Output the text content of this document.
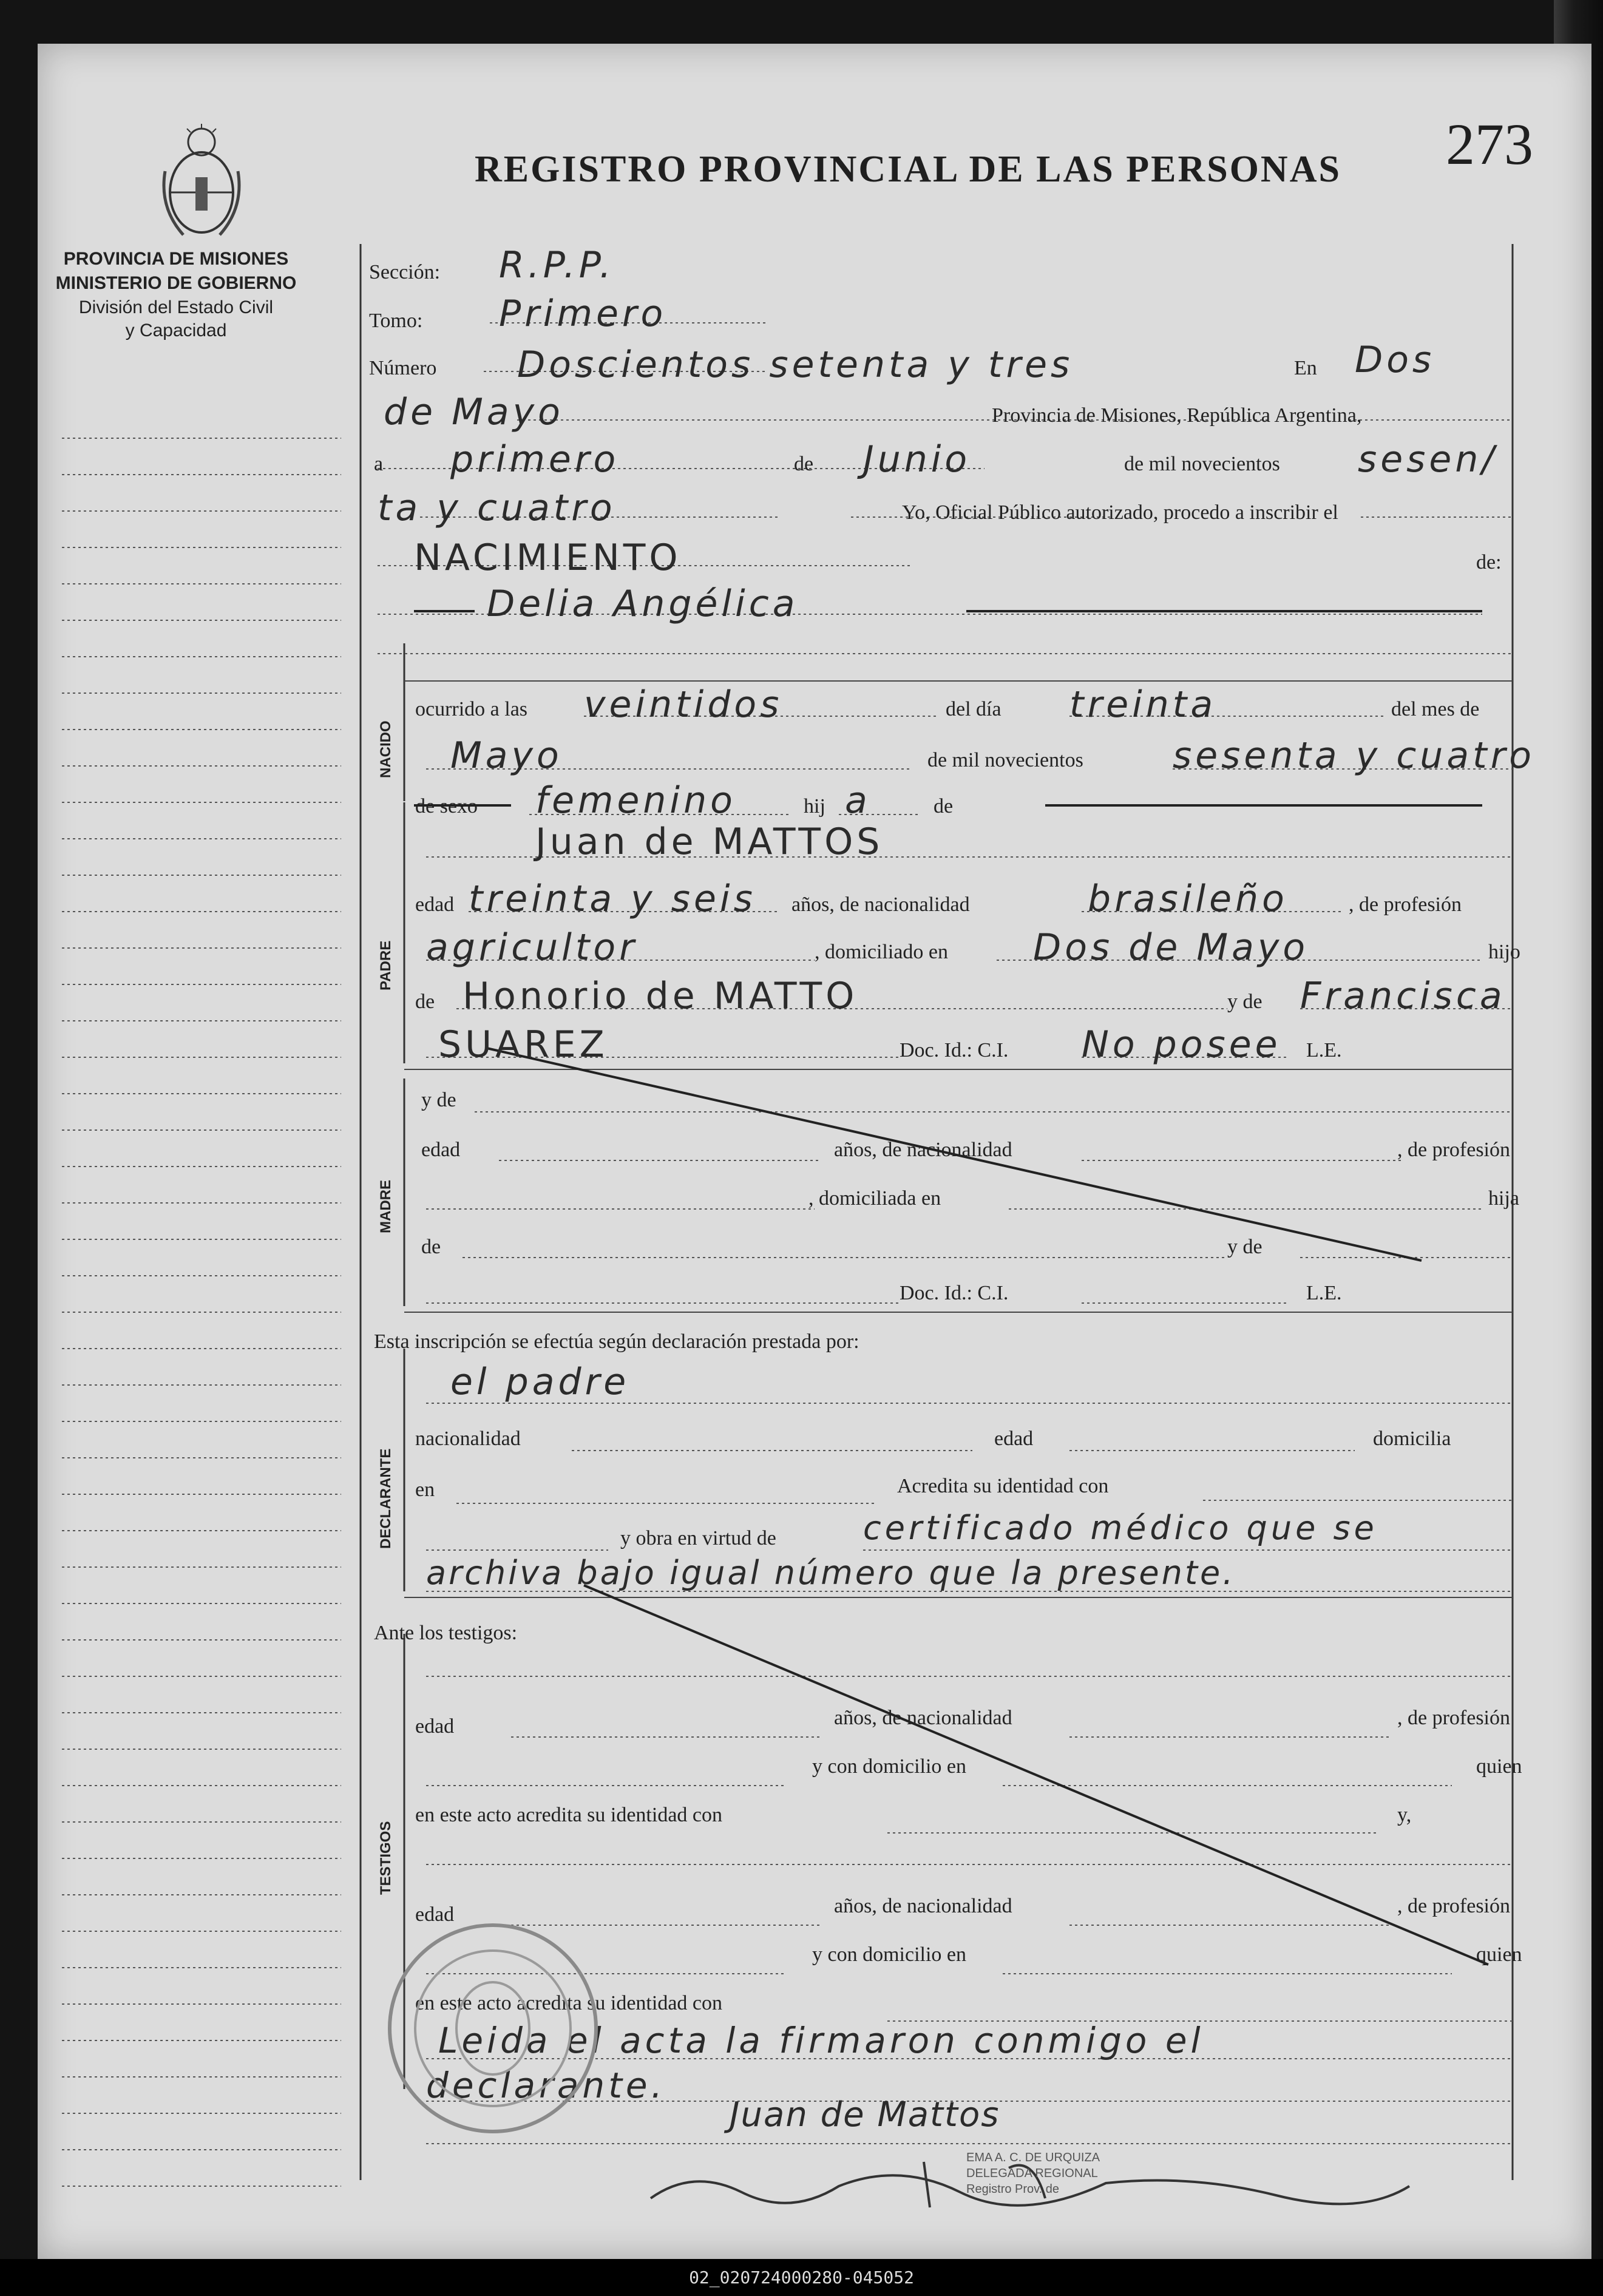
PROVINCIA DE MISIONES
MINISTERIO DE GOBIERNO
División del Estado Civil
y Capacidad
REGISTRO PROVINCIAL DE LAS PERSONAS 273
Sección: R.P.P.
Tomo: Primero
Número Doscientos setenta y tres	En Dos
de Mayo	Provincia de Misiones, República Argentina,
a primero	de Junio	de mil novecientos sesen/
ta y cuatro	Yo, Oficial Público autorizado, procedo a inscribir el
NACIMIENTO	de:
Delia Angélica
NACIDO
ocurrido a las veintidos	del día treinta	del mes de
Mayo	de mil novecientos sesenta y cuatro
de sexo femenino	hij a	de
PADRE
Juan de MATTOS
edad treinta y seis años, de nacionalidad	brasileño	, de profesión
agricultor	, domiciliado en Dos de Mayo	hijo
de Honorio de MATTO	y de Francisca
SUAREZ	Doc. Id.: C.I. No posee L.E.
MADRE
y de
edad	años, de nacionalidad	, de profesión
, domiciliada en	hija
de	y de
Doc. Id.: C.I.	L.E.
Esta inscripción se efectúa según declaración prestada por:
DECLARANTE
el padre
nacionalidad	edad	domicilia
en	Acredita su identidad con
y obra en virtud de	certificado médico que se
archiva bajo igual número que la presente.
Ante los testigos:
TESTIGOS
edad	años, de nacionalidad	, de profesión
y con domicilio en	quien
en este acto acredita su identidad con	y,
edad	años, de nacionalidad	, de profesión
y con domicilio en	quien
en este acto acredita su identidad con
Leida el acta la firmaron conmigo el
declarante.
Juan de Mattos
EMA A. C. DE URQUIZA
DELEGADA REGIONAL
Registro Prov. de
02_020724000280-045052
